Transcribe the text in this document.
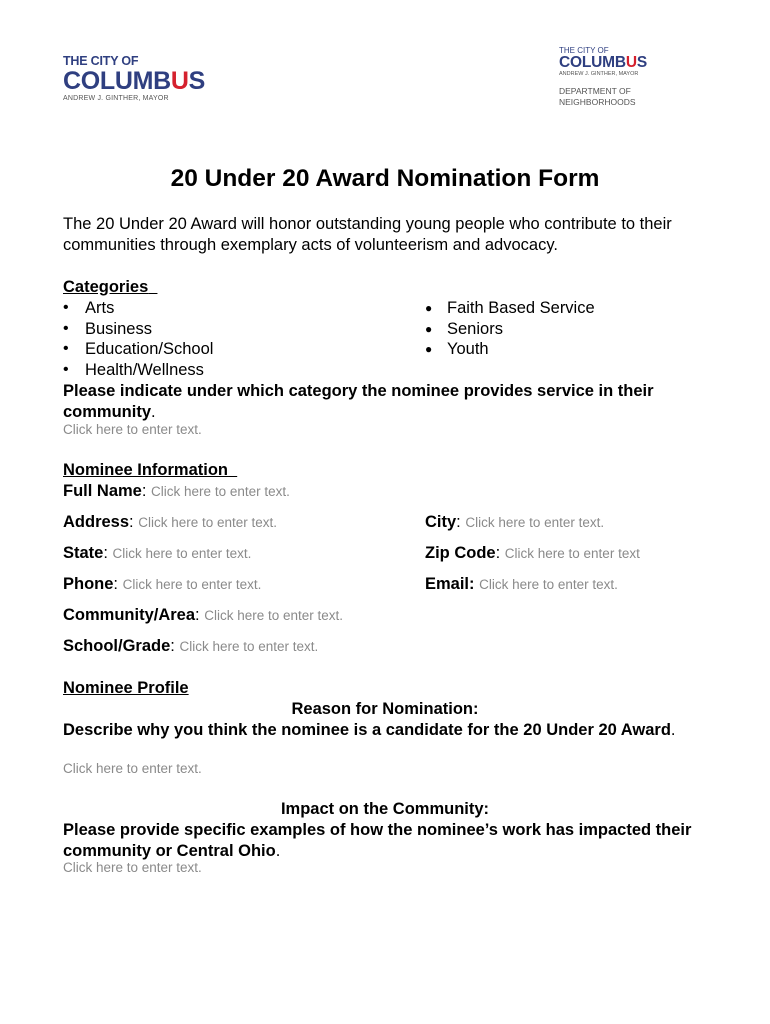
THE CITY OF
COLUMBUS
ANDREW J. GINTHER, MAYOR
THE CITY OF
COLUMBUS
ANDREW J. GINTHER, MAYOR
DEPARTMENT OF
NEIGHBORHOODS
20 Under 20 Award Nomination Form
The 20 Under 20 Award will honor outstanding young people who contribute to their communities through exemplary acts of volunteerism and advocacy.
Categories
• Arts
• Business
• Education/School
• Health/Wellness
● Faith Based Service
● Seniors
● Youth
Please indicate under which category the nominee provides service in their community.
Click here to enter text.
Nominee Information
Full Name: Click here to enter text.
Address: Click here to enter text.	City: Click here to enter text.
State: Click here to enter text.	Zip Code: Click here to enter text
Phone: Click here to enter text.	Email: Click here to enter text.
Community/Area: Click here to enter text.
School/Grade: Click here to enter text.
Nominee Profile
Reason for Nomination:
Describe why you think the nominee is a candidate for the 20 Under 20 Award.
Click here to enter text.
Impact on the Community:
Please provide specific examples of how the nominee’s work has impacted their community or Central Ohio.
Click here to enter text.
